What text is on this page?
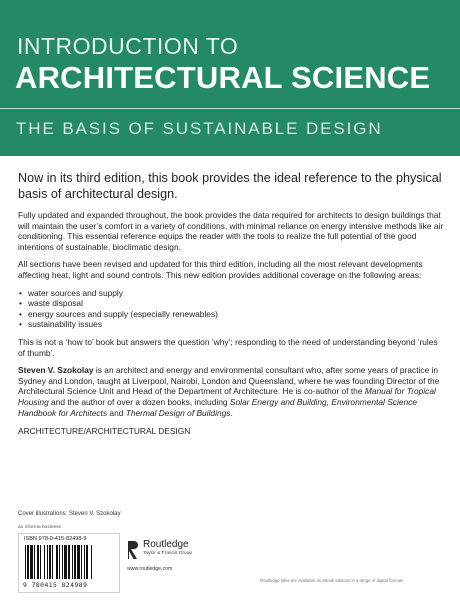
INTRODUCTION TO
ARCHITECTURAL SCIENCE
THE BASIS OF SUSTAINABLE DESIGN

Now in its third edition, this book provides the ideal reference to the physical basis of architectural design.

Fully updated and expanded throughout, the book provides the data required for architects to design buildings that will maintain the user’s comfort in a variety of conditions, with minimal reliance on energy intensive methods like air conditioning. This essential reference equips the reader with the tools to realize the full potential of the good intentions of sustainable, bioclimatic design.

All sections have been revised and updated for this third edition, including all the most relevant developments affecting heat, light and sound controls. This new edition provides additional coverage on the following areas:

• water sources and supply
• waste disposal
• energy sources and supply (especially renewables)
• sustainability issues

This is not a ‘how to’ book but answers the question ‘why’; responding to the need of understanding beyond ‘rules of thumb’.

Steven V. Szokolay is an architect and energy and environmental consultant who, after some years of practice in Sydney and London, taught at Liverpool, Nairobi, London and Queensland, where he was founding Director of the Architectural Science Unit and Head of the Department of Architecture. He is co-author of the Manual for Tropical Housing and the author of over a dozen books, including Solar Energy and Building, Environmental Science Handbook for Architects and Thermal Design of Buildings.

ARCHITECTURE/ARCHITECTURAL DESIGN

Cover illustrations: Steven V. Szokolay
an informa business
ISBN 978-0-415-82498-9
9 780415 824989
Routledge
Taylor & Francis Group
www.routledge.com
Routledge titles are available as eBook editions in a range of digital formats
